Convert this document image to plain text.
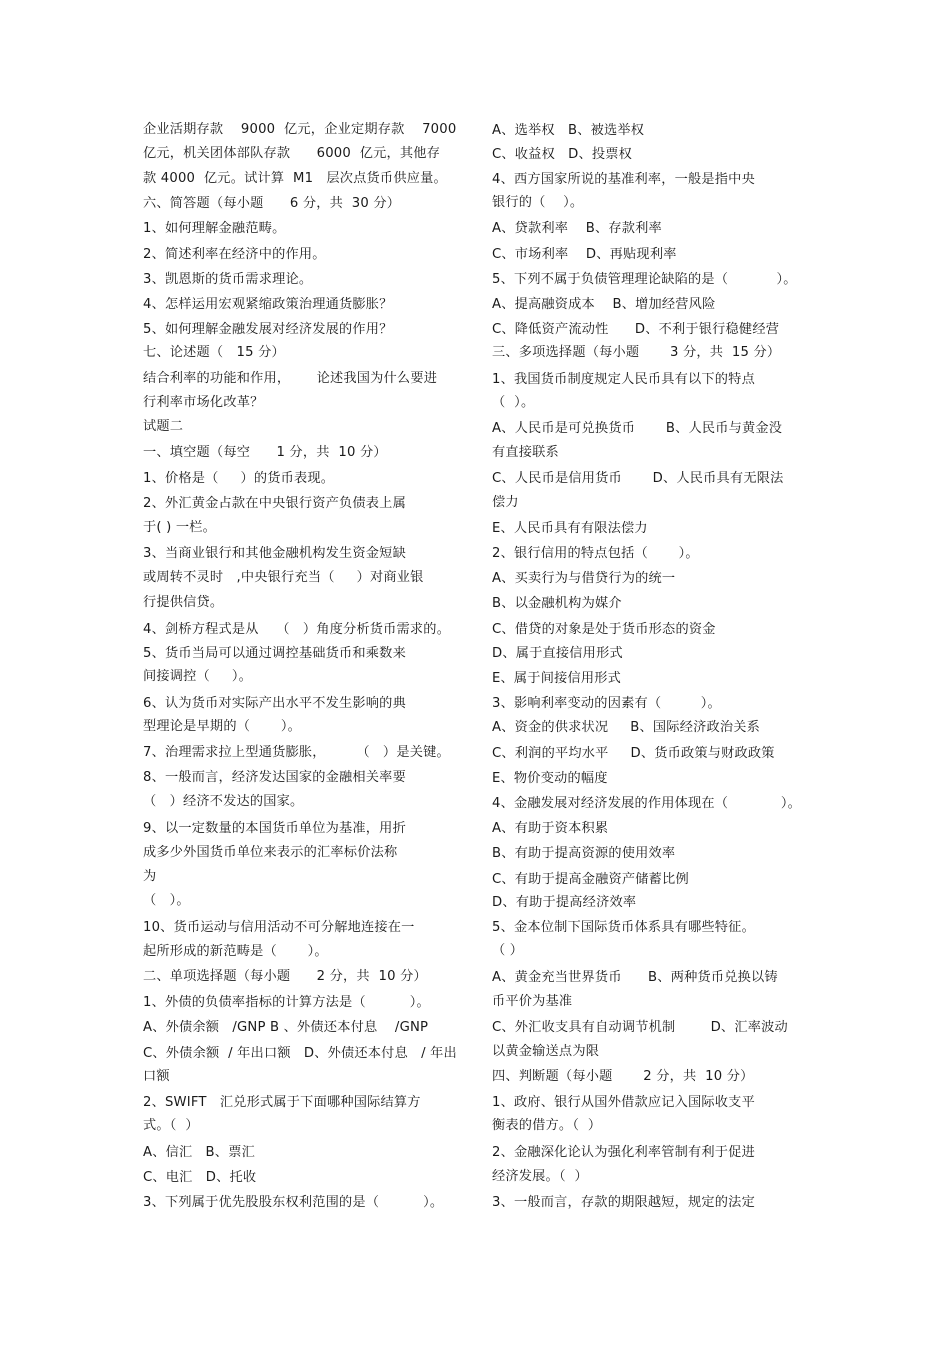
企业活期存款    9000  亿元，企业定期存款    7000
亿元，机关团体部队存款      6000  亿元，其他存
款 4000  亿元。试计算  M1   层次点货币供应量。
六、简答题（每小题      6 分，共  30 分）
1、如何理解金融范畴。
2、简述利率在经济中的作用。
3、凯恩斯的货币需求理论。
4、怎样运用宏观紧缩政策治理通货膨胀？
5、如何理解金融发展对经济发展的作用？
七、论述题（   15 分）
结合利率的功能和作用，      论述我国为什么要进
行利率市场化改革？
试题二
一、填空题（每空      1 分，共  10 分）
1、价格是（     ）的货币表现。
2、外汇黄金占款在中央银行资产负债表上属
于( ) 一栏。
3、当商业银行和其他金融机构发生资金短缺
或周转不灵时   ,中央银行充当（     ）对商业银
行提供信贷。
4、剑桥方程式是从    （   ）角度分析货币需求的。
5、货币当局可以通过调控基础货币和乘数来
间接调控（     ）。
6、认为货币对实际产出水平不发生影响的典
型理论是早期的（       ）。
7、治理需求拉上型通货膨胀，       （   ）是关键。
8、一般而言，经济发达国家的金融相关率要
（   ）经济不发达的国家。
9、以一定数量的本国货币单位为基准，用折
成多少外国货币单位来表示的汇率标价法称
为
（   ）。
10、货币运动与信用活动不可分解地连接在一
起所形成的新范畴是（       ）。
二、单项选择题（每小题      2 分，共  10 分）
1、外债的负债率指标的计算方法是（          ）。
A、外债余额   /GNP B 、外债还本付息    /GNP
C、外债余额  / 年出口额   D、外债还本付息   / 年出
口额
2、SWIFT   汇兑形式属于下面哪种国际结算方
式。（  ）
A、信汇   B、票汇
C、电汇   D、托收
3、下列属于优先股股东权利范围的是（          ）。
A、选举权   B、被选举权
C、收益权   D、投票权
4、西方国家所说的基准利率，一般是指中央
银行的（    ）。
A、贷款利率    B、存款利率
C、市场利率    D、再贴现利率
5、下列不属于负债管理理论缺陷的是（           ）。
A、提高融资成本    B、增加经营风险
C、降低资产流动性      D、不利于银行稳健经营
三、多项选择题（每小题       3 分，共  15 分）
1、我国货币制度规定人民币具有以下的特点
（  ）。
A、人民币是可兑换货币       B、人民币与黄金没
有直接联系
C、人民币是信用货币       D、人民币具有无限法
偿力
E、人民币具有有限法偿力
2、银行信用的特点包括（       ）。
A、买卖行为与借贷行为的统一
B、以金融机构为媒介
C、借贷的对象是处于货币形态的资金
D、属于直接信用形式
E、属于间接信用形式
3、影响利率变动的因素有（         ）。
A、资金的供求状况     B、国际经济政治关系
C、利润的平均水平     D、货币政策与财政政策
E、物价变动的幅度
4、金融发展对经济发展的作用体现在（            ）。
A、有助于资本积累
B、有助于提高资源的使用效率
C、有助于提高金融资产储蓄比例
D、有助于提高经济效率
5、金本位制下国际货币体系具有哪些特征。
（ ）
A、黄金充当世界货币      B、两种货币兑换以铸
币平价为基准
C、外汇收支具有自动调节机制        D、汇率波动
以黄金输送点为限
四、判断题（每小题       2 分，共  10 分）
1、政府、银行从国外借款应记入国际收支平
衡表的借方。（  ）
2、金融深化论认为强化利率管制有利于促进
经济发展。（  ）
3、一般而言，存款的期限越短，规定的法定
